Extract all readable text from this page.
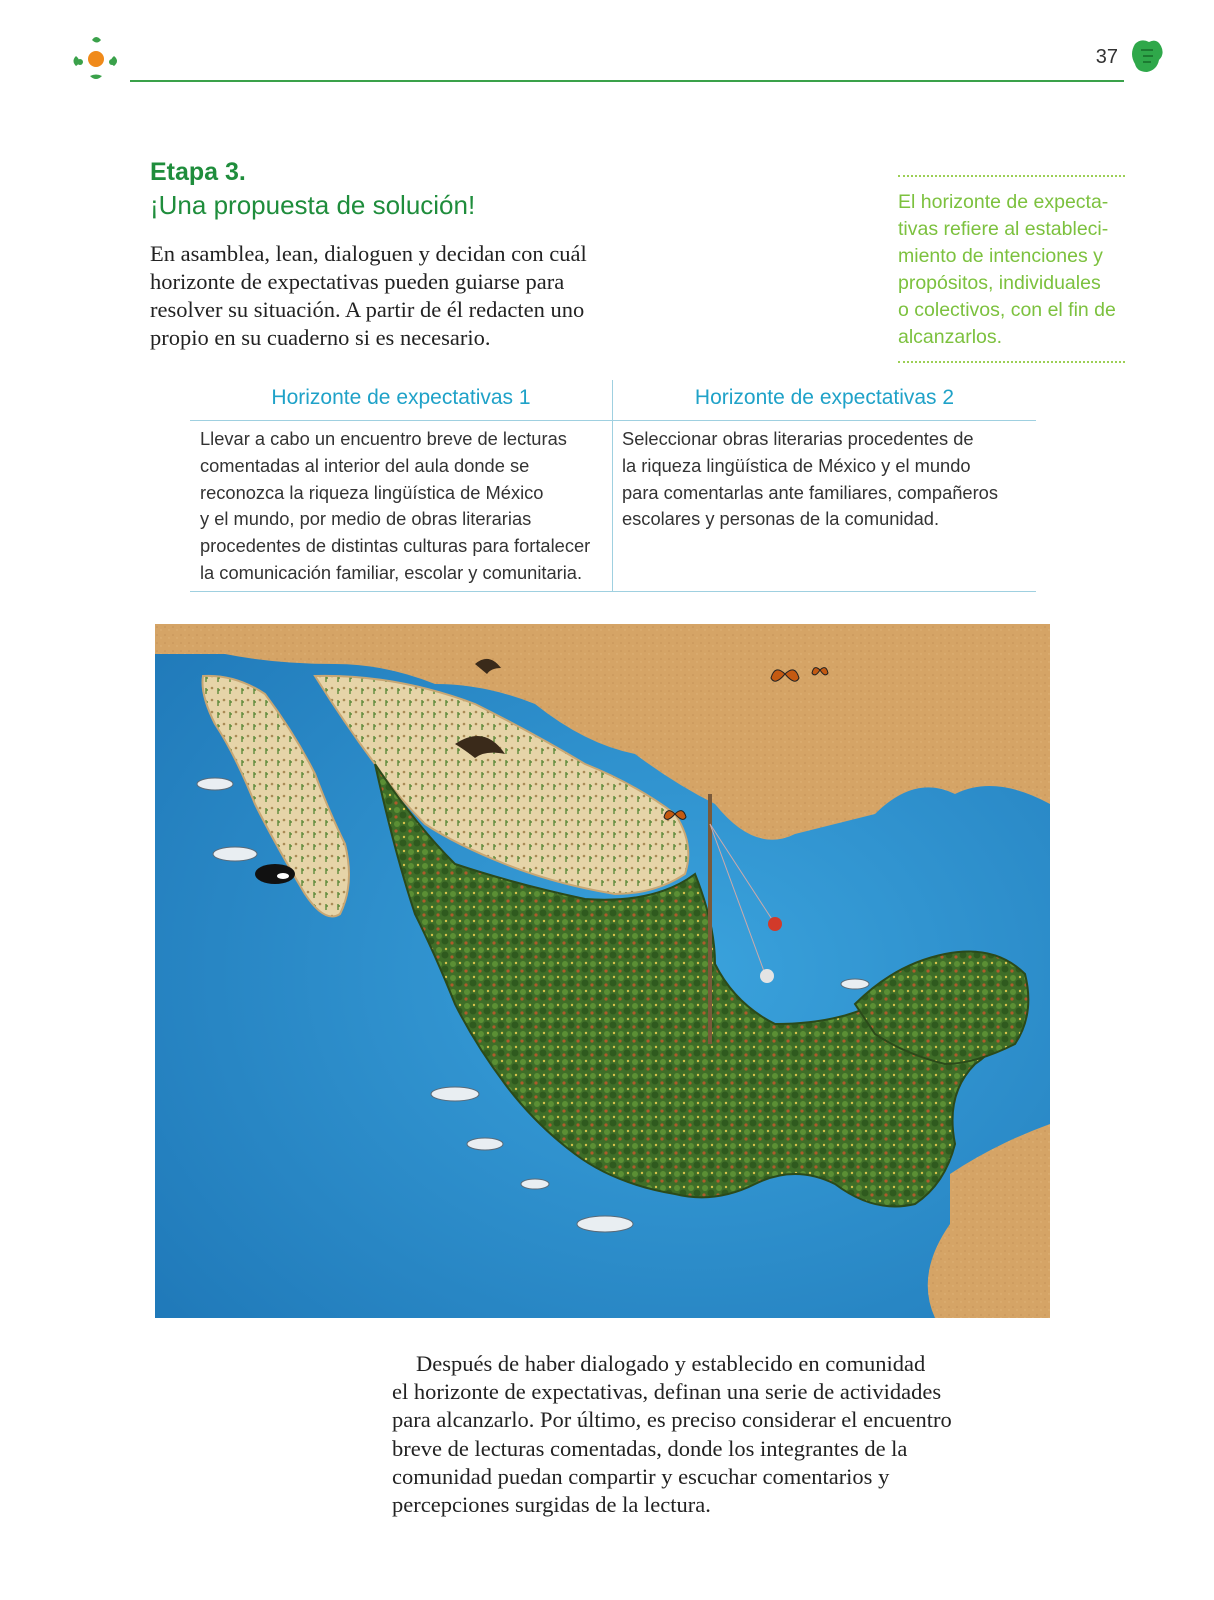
37
Etapa 3.
¡Una propuesta de solución!
En asamblea, lean, dialoguen y decidan con cuál horizonte de expectativas pueden guiarse para resolver su situación. A partir de él redacten uno propio en su cuaderno si es necesario.
El horizonte de expecta-
tivas refiere al estableci-
miento de intenciones y
propósitos, individuales
o colectivos, con el fin de
alcanzarlos.
Horizonte de expectativas 1	Horizonte de expectativas 2
Llevar a cabo un encuentro breve de lecturas
comentadas al interior del aula donde se
reconozca la riqueza lingüística de México
y el mundo, por medio de obras literarias
procedentes de distintas culturas para fortalecer
la comunicación familiar, escolar y comunitaria.
Seleccionar obras literarias procedentes de
la riqueza lingüística de México y el mundo
para comentarlas ante familiares, compañeros
escolares y personas de la comunidad.
Después de haber dialogado y establecido en comunidad
el horizonte de expectativas, definan una serie de actividades
para alcanzarlo. Por último, es preciso considerar el encuentro
breve de lecturas comentadas, donde los integrantes de la
comunidad puedan compartir y escuchar comentarios y
percepciones surgidas de la lectura.
